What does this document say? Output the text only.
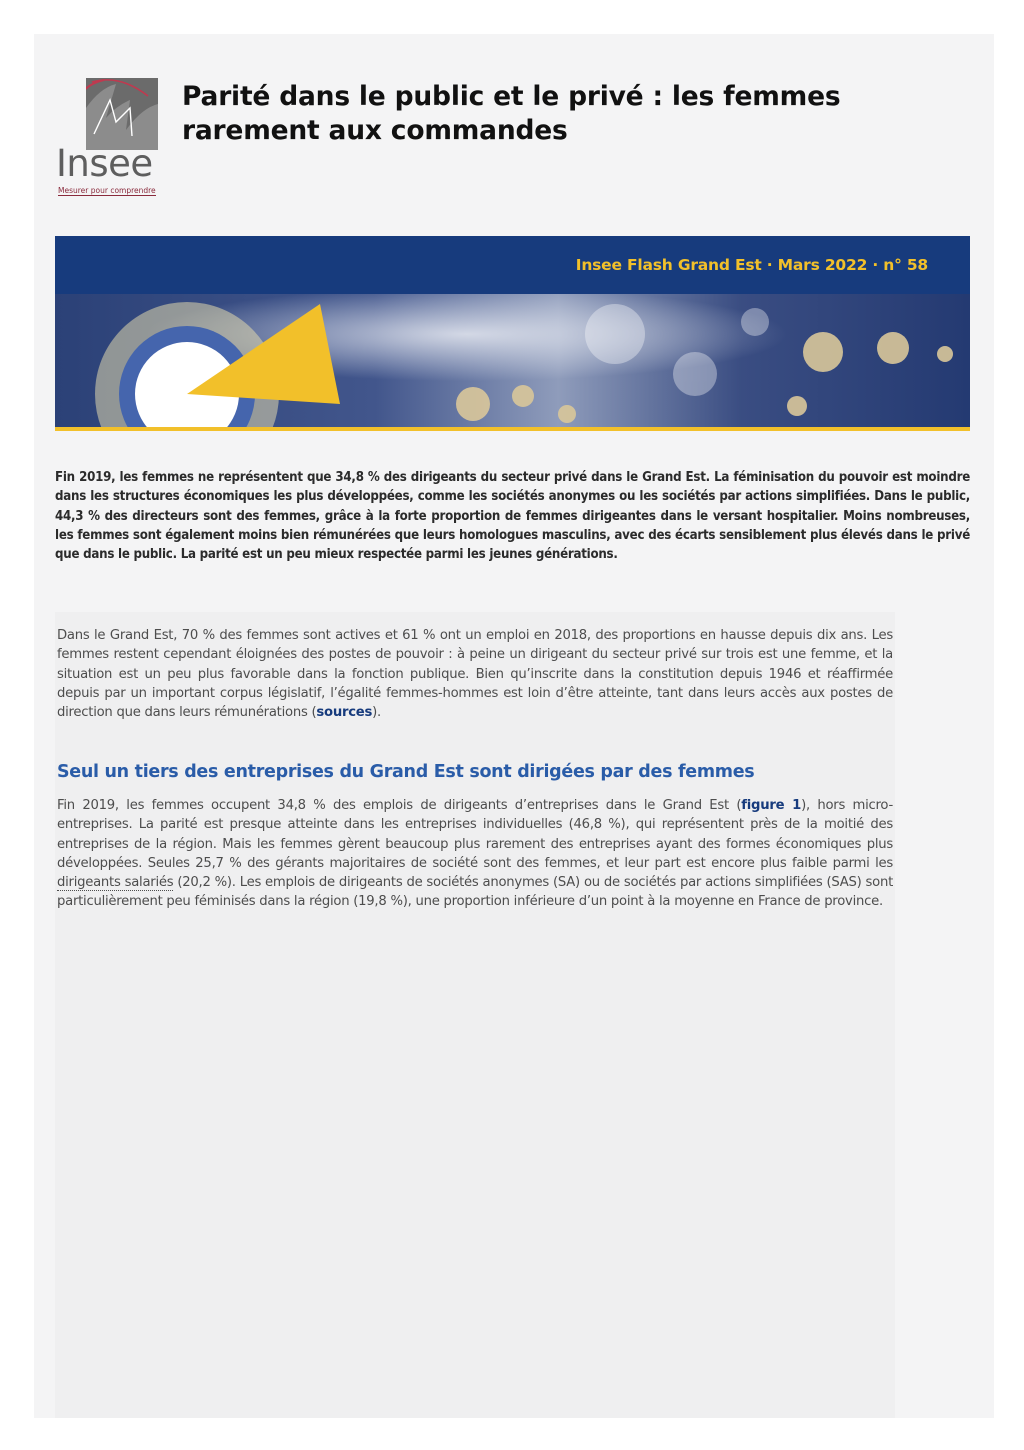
Insee
Mesurer pour comprendre
Parité dans le public et le privé : les femmes rarement aux commandes
Insee Flash Grand Est · Mars 2022 · n° 58

Fin 2019, les femmes ne représentent que 34,8 % des dirigeants du secteur privé dans le Grand Est. La féminisation du pouvoir est moindre dans les structures économiques les plus développées, comme les sociétés anonymes ou les sociétés par actions simplifiées. Dans le public, 44,3 % des directeurs sont des femmes, grâce à la forte proportion de femmes dirigeantes dans le versant hospitalier. Moins nombreuses, les femmes sont également moins bien rémunérées que leurs homologues masculins, avec des écarts sensiblement plus élevés dans le privé que dans le public. La parité est un peu mieux respectée parmi les jeunes générations.

Dans le Grand Est, 70 % des femmes sont actives et 61 % ont un emploi en 2018, des proportions en hausse depuis dix ans. Les femmes restent cependant éloignées des postes de pouvoir : à peine un dirigeant du secteur privé sur trois est une femme, et la situation est un peu plus favorable dans la fonction publique. Bien qu’inscrite dans la constitution depuis 1946 et réaffirmée depuis par un important corpus législatif, l’égalité femmes-hommes est loin d’être atteinte, tant dans leurs accès aux postes de direction que dans leurs rémunérations (sources).

Seul un tiers des entreprises du Grand Est sont dirigées par des femmes

Fin 2019, les femmes occupent 34,8 % des emplois de dirigeants d’entreprises dans le Grand Est (figure 1), hors micro-entreprises. La parité est presque atteinte dans les entreprises individuelles (46,8 %), qui représentent près de la moitié des entreprises de la région. Mais les femmes gèrent beaucoup plus rarement des entreprises ayant des formes économiques plus développées. Seules 25,7 % des gérants majoritaires de société sont des femmes, et leur part est encore plus faible parmi les dirigeants salariés (20,2 %). Les emplois de dirigeants de sociétés anonymes (SA) ou de sociétés par actions simplifiées (SAS) sont particulièrement peu féminisés dans la région (19,8 %), une proportion inférieure d’un point à la moyenne en France de province.
